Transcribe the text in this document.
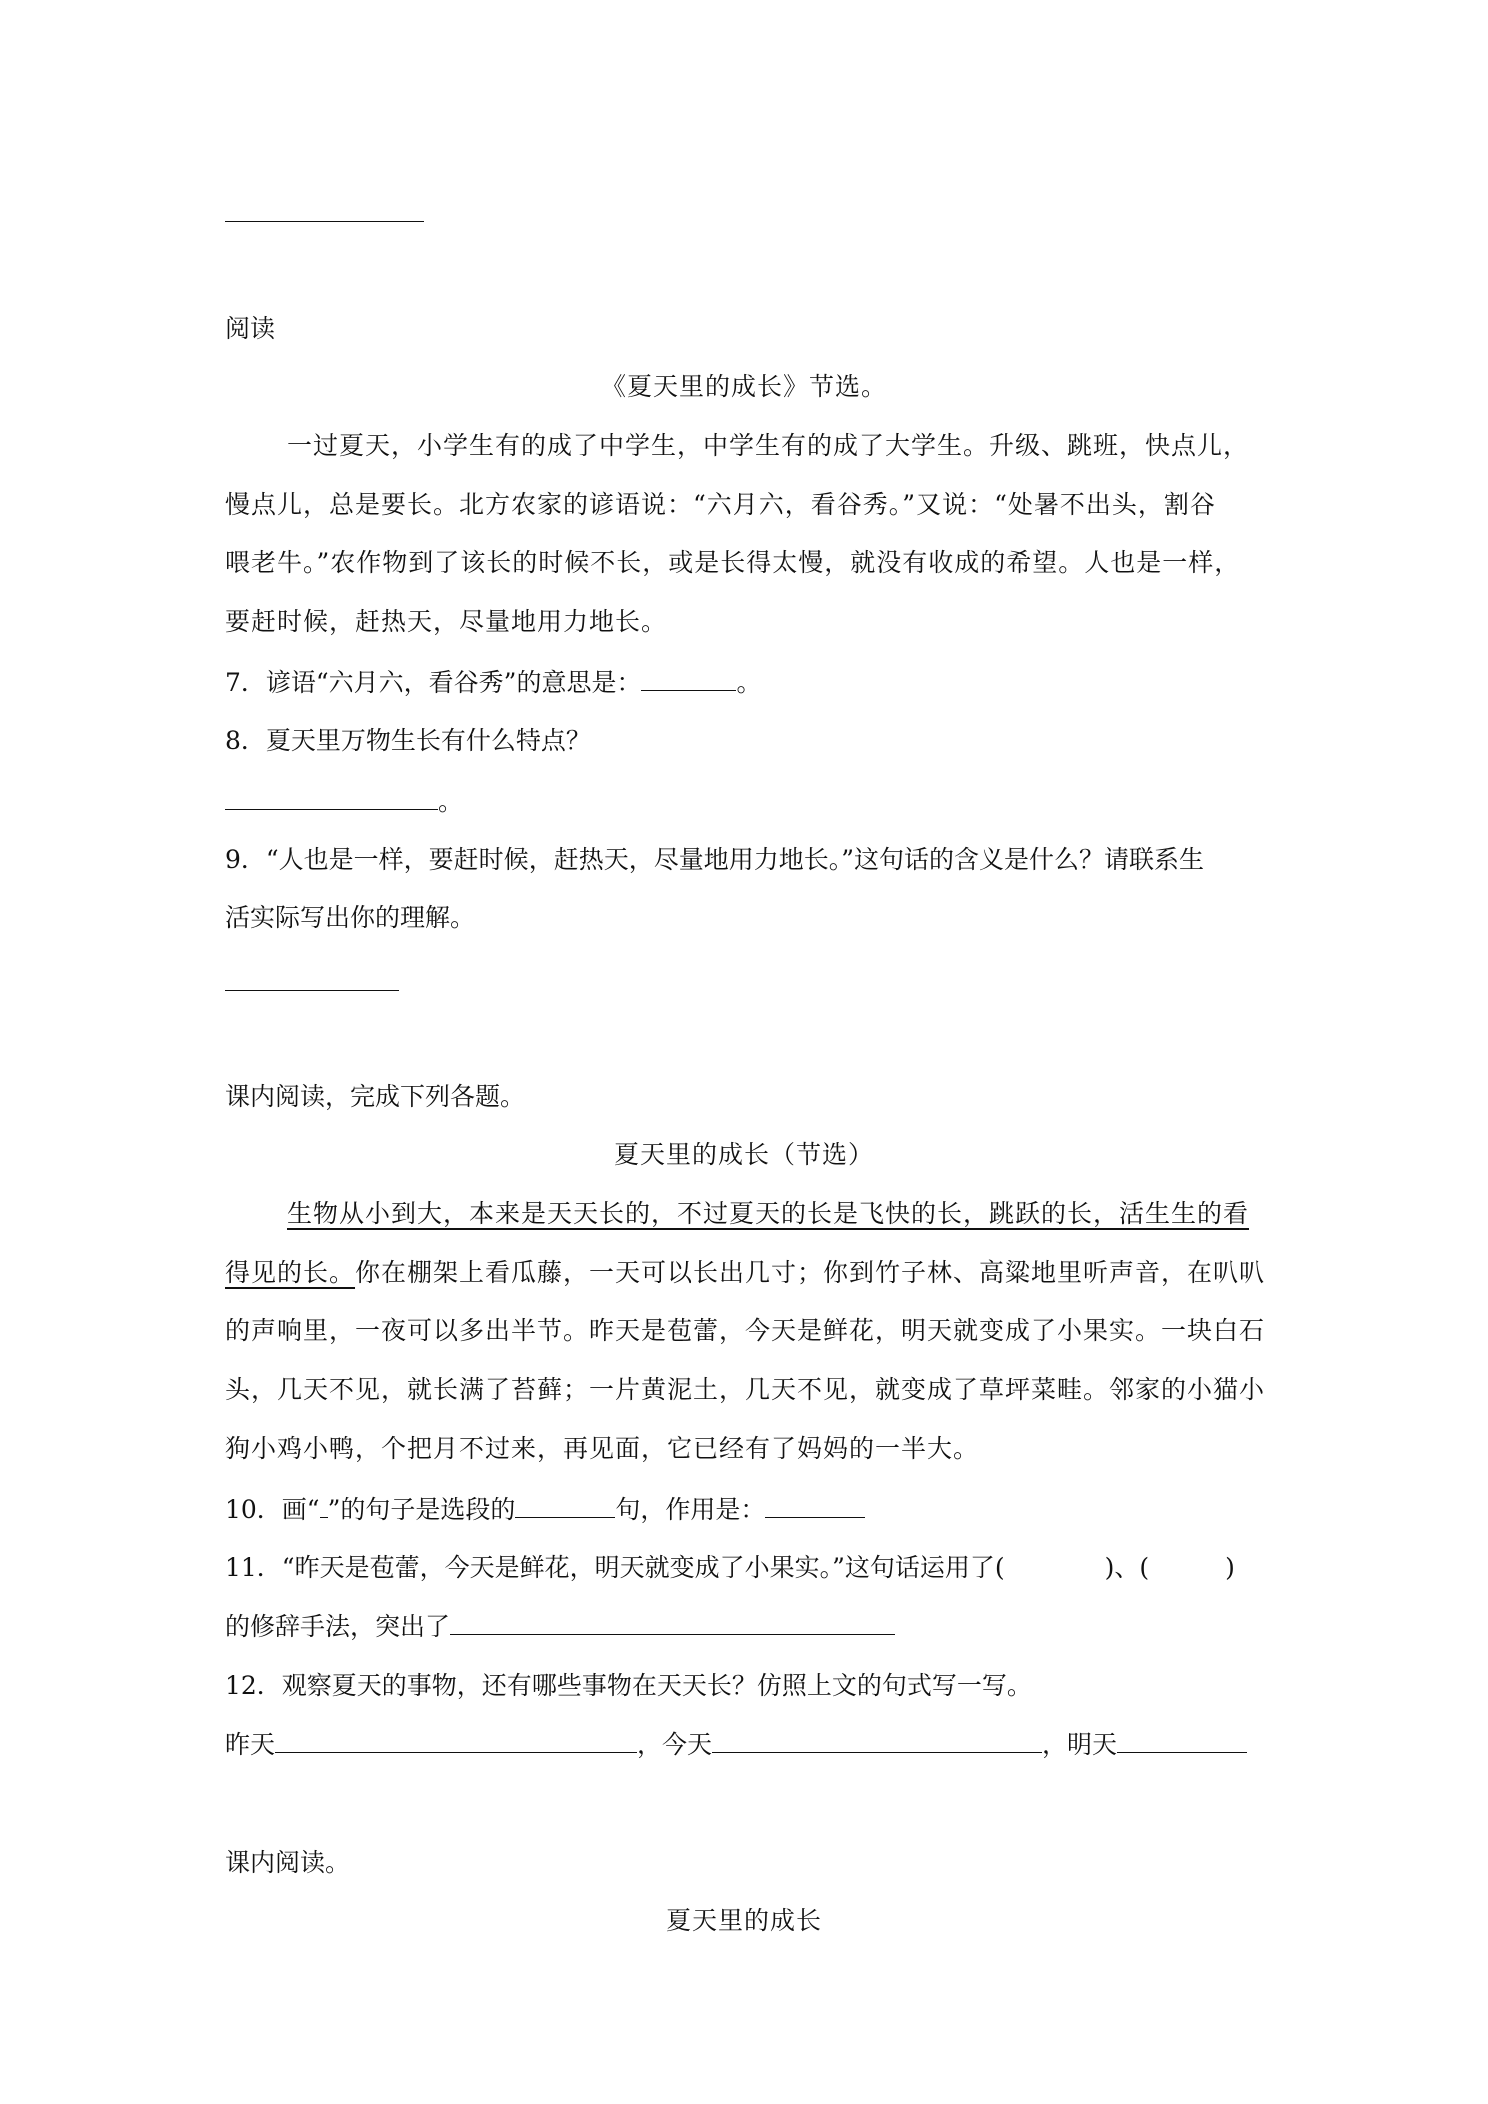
阅读
《夏天里的成长》节选。
一过夏天，小学生有的成了中学生，中学生有的成了大学生。升级、跳班，快点儿，
慢点儿，总是要长。北方农家的谚语说：“六月六，看谷秀。”又说：“处暑不出头，割谷
喂老牛。”农作物到了该长的时候不长，或是长得太慢，就没有收成的希望。人也是一样，
要赶时候，赶热天，尽量地用力地长。
7．谚语“六月六，看谷秀”的意思是：	。
8．夏天里万物生长有什么特点？
。
9．“人也是一样，要赶时候，赶热天，尽量地用力地长。”这句话的含义是什么？请联系生
活实际写出你的理解。
课内阅读，完成下列各题。
夏天里的成长（节选）
生物从小到大，本来是天天长的，不过夏天的长是飞快的长，跳跃的长，活生生的看
得见的长。你在棚架上看瓜藤，一天可以长出几寸；你到竹子林、高粱地里听声音，在叭叭
的声响里，一夜可以多出半节。昨天是苞蕾，今天是鲜花，明天就变成了小果实。一块白石
头，几天不见，就长满了苔藓；一片黄泥土，几天不见，就变成了草坪菜畦。邻家的小猫小
狗小鸡小鸭，个把月不过来，再见面，它已经有了妈妈的一半大。
10．画“ ”的句子是选段的	句，作用是：
11．“昨天是苞蕾，今天是鲜花，明天就变成了小果实。”这句话运用了(	)、(	)
的修辞手法，突出了
12．观察夏天的事物，还有哪些事物在天天长？仿照上文的句式写一写。
昨天	，今天	，明天
课内阅读。
夏天里的成长
